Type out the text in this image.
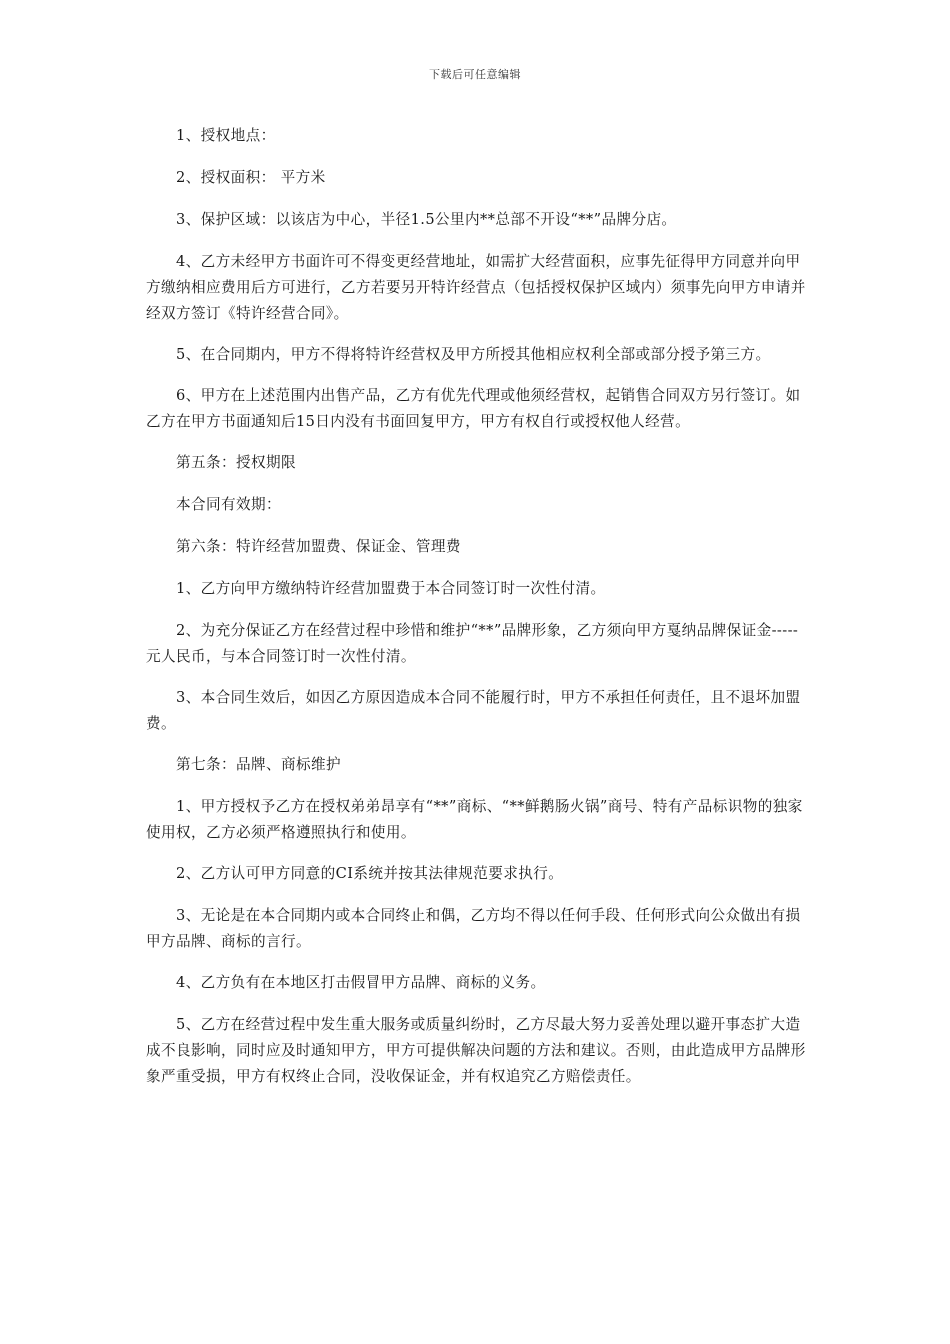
下载后可任意编辑

1、授权地点：

2、授权面积： 平方米

3、保护区域：以该店为中心，半径1.5公里内**总部不开设“**”品牌分店。

4、乙方未经甲方书面许可不得变更经营地址，如需扩大经营面积，应事先征得甲方同意并向甲方缴纳相应费用后方可进行，乙方若要另开特许经营点（包括授权保护区域内）须事先向甲方申请并经双方签订《特许经营合同》。

5、在合同期内，甲方不得将特许经营权及甲方所授其他相应权利全部或部分授予第三方。

6、甲方在上述范围内出售产品，乙方有优先代理或他须经营权，起销售合同双方另行签订。如乙方在甲方书面通知后15日内没有书面回复甲方，甲方有权自行或授权他人经营。

第五条：授权期限

本合同有效期：

第六条：特许经营加盟费、保证金、管理费

1、乙方向甲方缴纳特许经营加盟费于本合同签订时一次性付清。

2、为充分保证乙方在经营过程中珍惜和维护“**”品牌形象，乙方须向甲方戛纳品牌保证金-----元人民币，与本合同签订时一次性付清。

3、本合同生效后，如因乙方原因造成本合同不能履行时，甲方不承担任何责任，且不退坏加盟费。

第七条：品牌、商标维护

1、甲方授权予乙方在授权弟弟昂享有“**”商标、“**鲜鹅肠火锅”商号、特有产品标识物的独家使用权，乙方必须严格遵照执行和使用。

2、乙方认可甲方同意的CI系统并按其法律规范要求执行。

3、无论是在本合同期内或本合同终止和偶，乙方均不得以任何手段、任何形式向公众做出有损甲方品牌、商标的言行。

4、乙方负有在本地区打击假冒甲方品牌、商标的义务。

5、乙方在经营过程中发生重大服务或质量纠纷时，乙方尽最大努力妥善处理以避开事态扩大造成不良影响，同时应及时通知甲方，甲方可提供解决问题的方法和建议。否则，由此造成甲方品牌形象严重受损，甲方有权终止合同，没收保证金，并有权追究乙方赔偿责任。
